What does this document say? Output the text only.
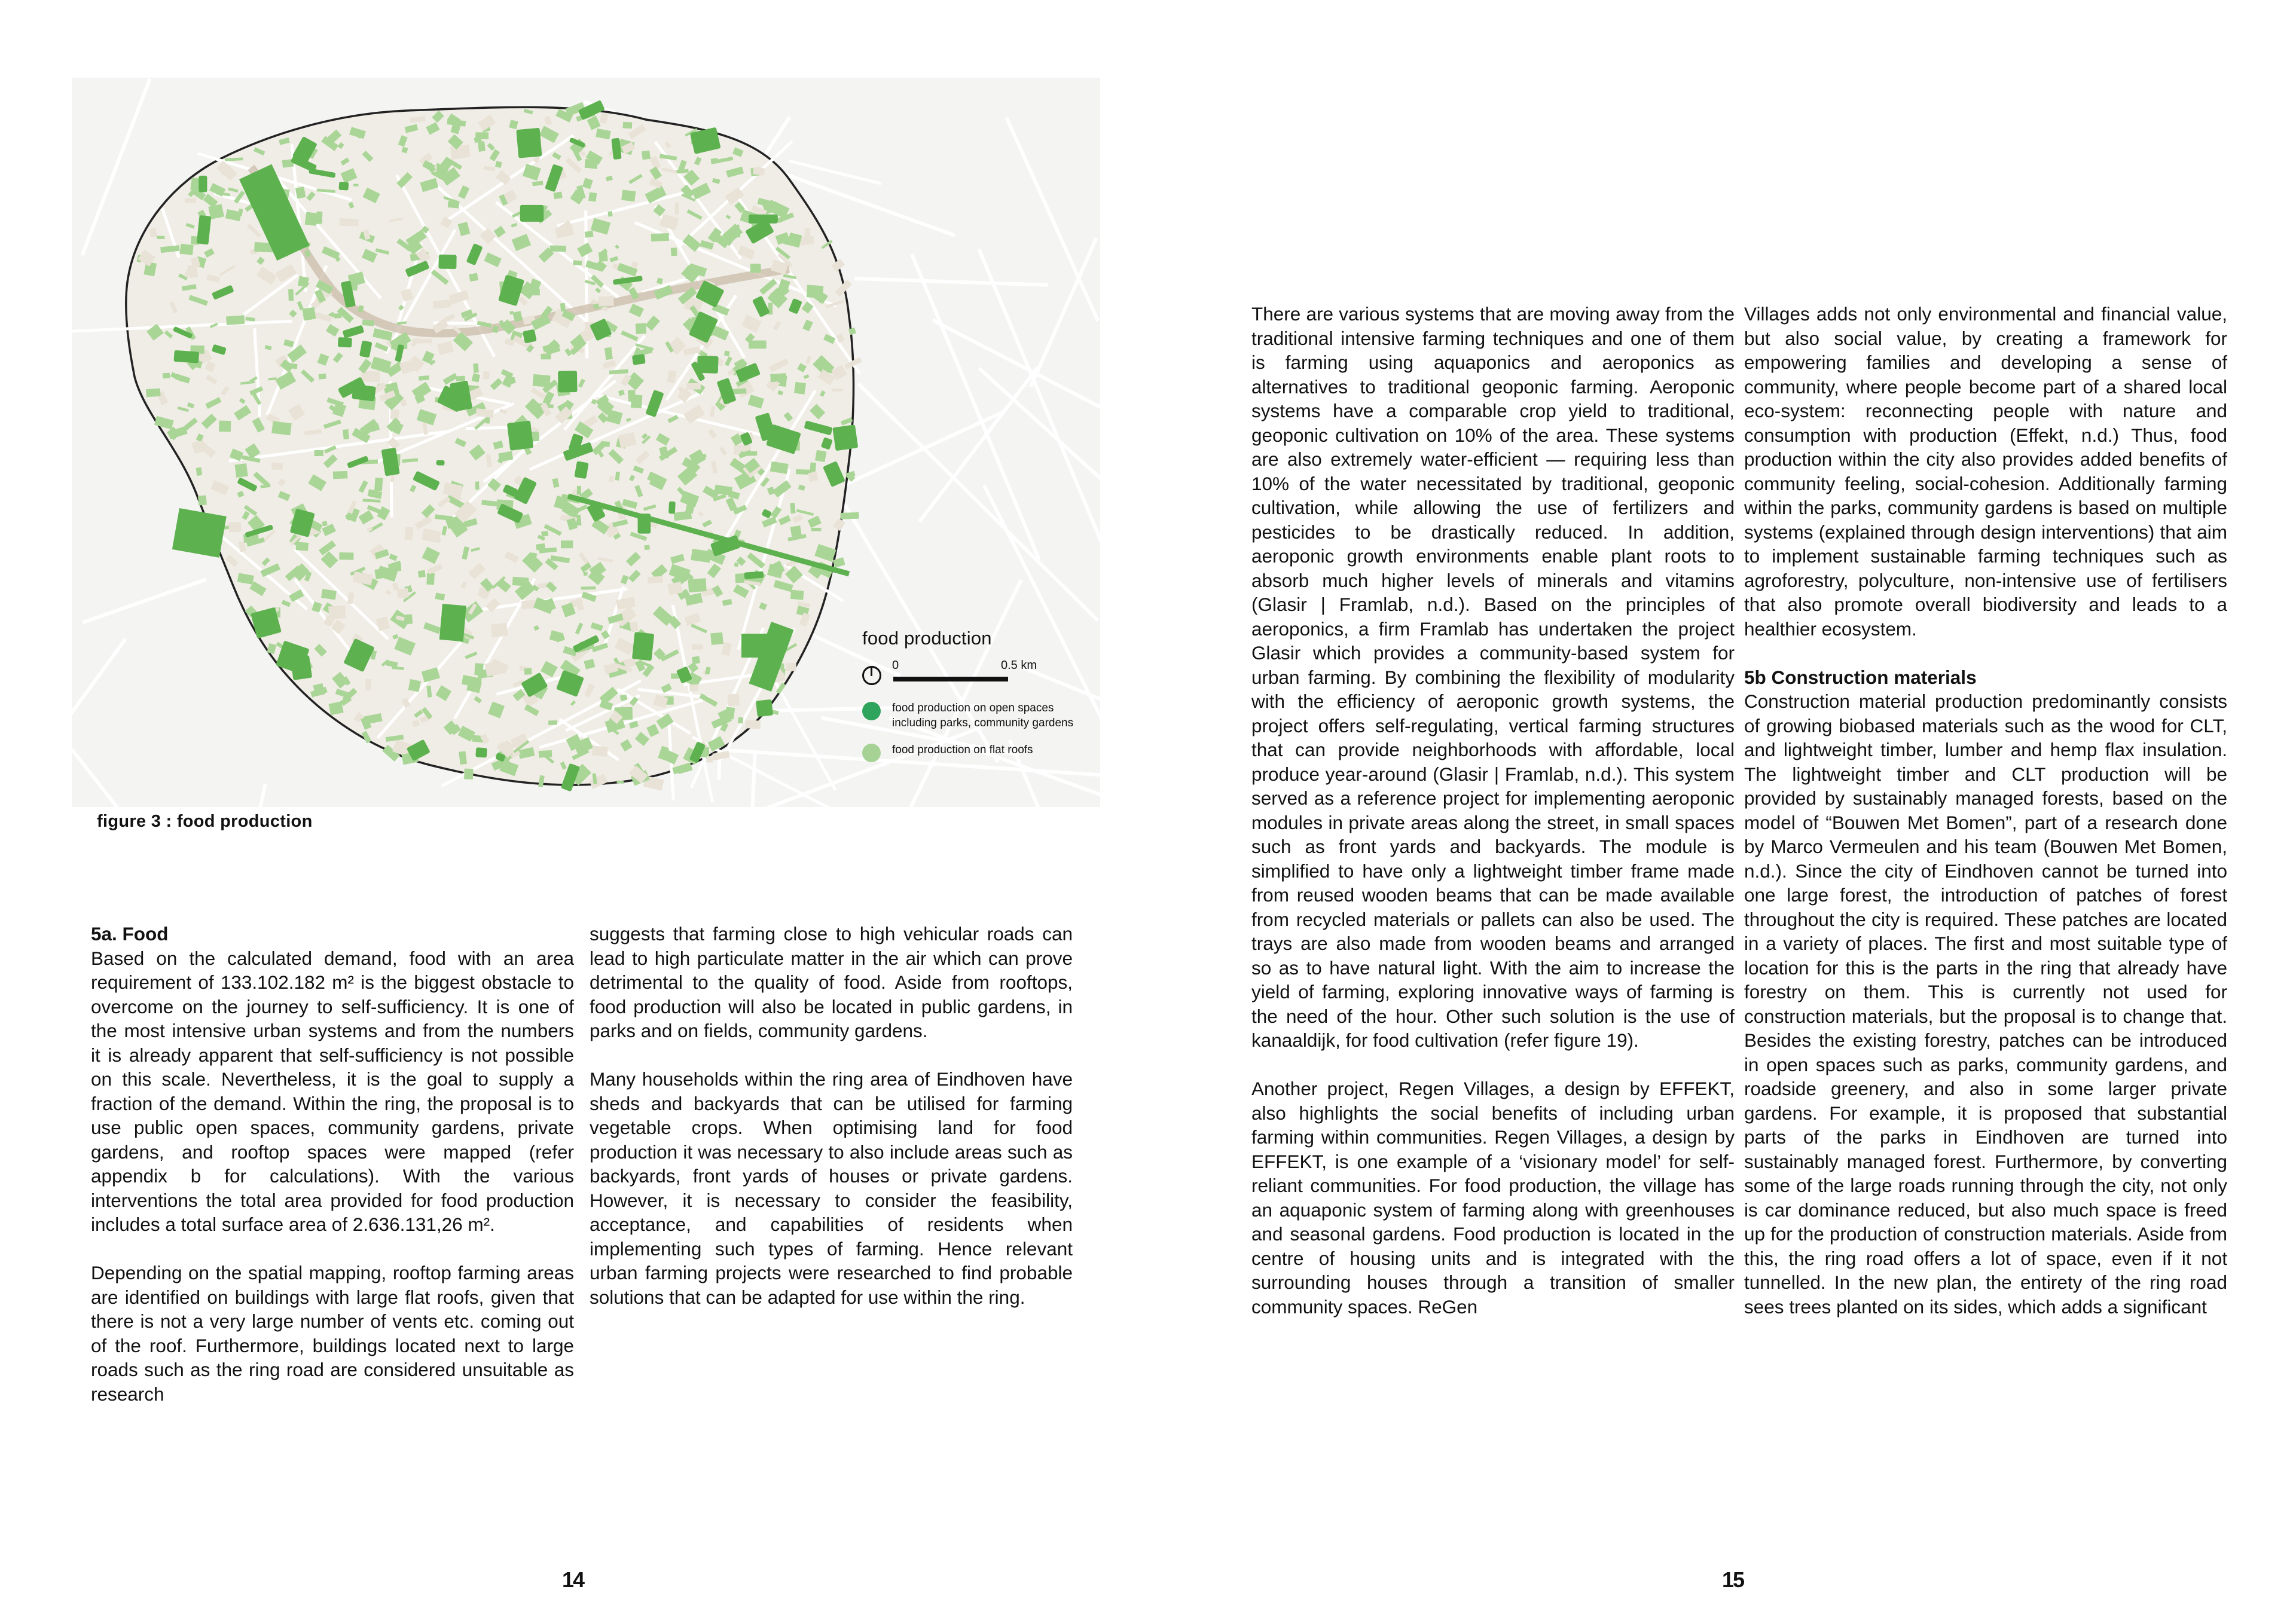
food production
0	0.5 km
food production on open spaces including parks, community gardens
food production on flat roofs
figure 3 : food production
5a. Food

Based on the calculated demand, food with an area requirement of 133.102.182 m² is the biggest obstacle to overcome on the journey to self-sufficiency. It is one of the most intensive urban systems and from the numbers it is already apparent that self-sufficiency is not possible on this scale. Nevertheless, it is the goal to supply a fraction of the demand. Within the ring, the proposal is to use public open spaces, community gardens, private gardens, and rooftop spaces were mapped (refer appendix b for calculations). With the various interventions the total area provided for food production includes a total surface area of 2.636.131,26 m².

Depending on the spatial mapping, rooftop farming areas are identified on buildings with large flat roofs, given that there is not a very large number of vents etc. coming out of the roof. Furthermore, buildings located next to large roads such as the ring road are considered unsuitable as research

suggests that farming close to high vehicular roads can lead to high particulate matter in the air which can prove detrimental to the quality of food. Aside from rooftops, food production will also be located in public gardens, in parks and on fields, community gardens.

Many households within the ring area of Eindhoven have sheds and backyards that can be utilised for farming vegetable crops. When optimising land for food production it was necessary to also include areas such as backyards, front yards of houses or private gardens. However, it is necessary to consider the feasibility, acceptance, and capabilities of residents when implementing such types of farming. Hence relevant urban farming projects were researched to find probable solutions that can be adapted for use within the ring.

14

There are various systems that are moving away from the traditional intensive farming techniques and one of them is farming using aquaponics and aeroponics as alternatives to traditional geoponic farming. Aeroponic systems have a comparable crop yield to traditional, geoponic cultivation on 10% of the area. These systems are also extremely water-efficient — requiring less than 10% of the water necessitated by traditional, geoponic cultivation, while allowing the use of fertilizers and pesticides to be drastically reduced. In addition, aeroponic growth environments enable plant roots to absorb much higher levels of minerals and vitamins (Glasir | Framlab, n.d.). Based on the principles of aeroponics, a firm Framlab has undertaken the project Glasir which provides a community-based system for urban farming. By combining the flexibility of modularity with the efficiency of aeroponic growth systems, the project offers self-regulating, vertical farming structures that can provide neighborhoods with affordable, local produce year-around (Glasir | Framlab, n.d.). This system served as a reference project for implementing aeroponic modules in private areas along the street, in small spaces such as front yards and backyards. The module is simplified to have only a lightweight timber frame made from reused wooden beams that can be made available from recycled materials or pallets can also be used. The trays are also made from wooden beams and arranged so as to have natural light. With the aim to increase the yield of farming, exploring innovative ways of farming is the need of the hour. Other such solution is the use of kanaaldijk, for food cultivation (refer figure 19).

Another project, Regen Villages, a design by EFFEKT, also highlights the social benefits of including urban farming within communities. Regen Villages, a design by EFFEKT, is one example of a ‘visionary model’ for self-reliant communities. For food production, the village has an aquaponic system of farming along with greenhouses and seasonal gardens. Food production is located in the centre of housing units and is integrated with the surrounding houses through a transition of smaller community spaces. ReGen

Villages adds not only environmental and financial value, but also social value, by creating a framework for empowering families and developing a sense of community, where people become part of a shared local eco-system: reconnecting people with nature and consumption with production (Effekt, n.d.) Thus, food production within the city also provides added benefits of community feeling, social-cohesion. Additionally farming within the parks, community gardens is based on multiple systems (explained through design interventions) that aim to implement sustainable farming techniques such as agroforestry, polyculture, non-intensive use of fertilisers that also promote overall biodiversity and leads to a healthier ecosystem.

5b Construction materials

Construction material production predominantly consists of growing biobased materials such as the wood for CLT, and lightweight timber, lumber and hemp flax insulation. The lightweight timber and CLT production will be provided by sustainably managed forests, based on the model of “Bouwen Met Bomen”, part of a research done by Marco Vermeulen and his team (Bouwen Met Bomen, n.d.). Since the city of Eindhoven cannot be turned into one large forest, the introduction of patches of forest throughout the city is required. These patches are located in a variety of places. The first and most suitable type of location for this is the parts in the ring that already have forestry on them. This is currently not used for construction materials, but the proposal is to change that. Besides the existing forestry, patches can be introduced in open spaces such as parks, community gardens, and roadside greenery, and also in some larger private gardens. For example, it is proposed that substantial parts of the parks in Eindhoven are turned into sustainably managed forest. Furthermore, by converting some of the large roads running through the city, not only is car dominance reduced, but also much space is freed up for the production of construction materials. Aside from this, the ring road offers a lot of space, even if it not tunnelled. In the new plan, the entirety of the ring road sees trees planted on its sides, which adds a significant

15
